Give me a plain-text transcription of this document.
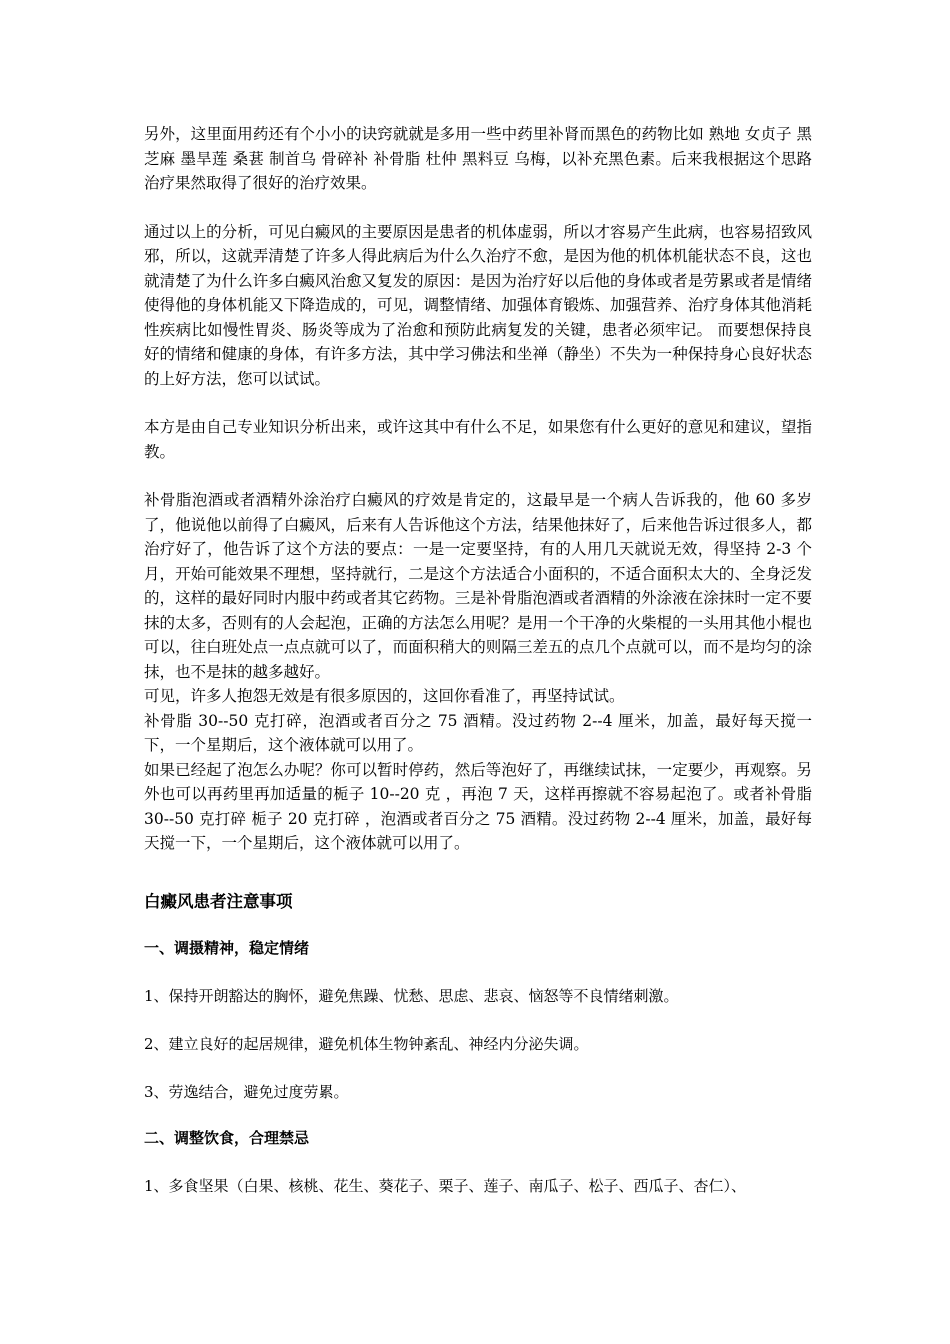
另外，这里面用药还有个小小的诀窍就就是多用一些中药里补肾而黑色的药物比如 熟地 女贞子 黑芝麻 墨旱莲 桑葚 制首乌 骨碎补 补骨脂 杜仲 黑料豆 乌梅，以补充黑色素。后来我根据这个思路治疗果然取得了很好的治疗效果。

通过以上的分析，可见白癜风的主要原因是患者的机体虚弱，所以才容易产生此病，也容易招致风邪，所以，这就弄清楚了许多人得此病后为什么久治疗不愈，是因为他的机体机能状态不良，这也就清楚了为什么许多白癜风治愈又复发的原因：是因为治疗好以后他的身体或者是劳累或者是情绪使得他的身体机能又下降造成的，可见，调整情绪、加强体育锻炼、加强营养、治疗身体其他消耗性疾病比如慢性胃炎、肠炎等成为了治愈和预防此病复发的关键，患者必须牢记。 而要想保持良好的情绪和健康的身体，有许多方法，其中学习佛法和坐禅（静坐）不失为一种保持身心良好状态的上好方法，您可以试试。

本方是由自己专业知识分析出来，或许这其中有什么不足，如果您有什么更好的意见和建议，望指教。

补骨脂泡酒或者酒精外涂治疗白癜风的疗效是肯定的，这最早是一个病人告诉我的，他 60 多岁了，他说他以前得了白癜风，后来有人告诉他这个方法，结果他抹好了，后来他告诉过很多人，都治疗好了，他告诉了这个方法的要点：一是一定要坚持，有的人用几天就说无效，得坚持 2-3 个月，开始可能效果不理想，坚持就行，二是这个方法适合小面积的，不适合面积太大的、全身泛发的，这样的最好同时内服中药或者其它药物。三是补骨脂泡酒或者酒精的外涂液在涂抹时一定不要抹的太多，否则有的人会起泡，正确的方法怎么用呢？是用一个干净的火柴棍的一头用其他小棍也可以，往白班处点一点点就可以了，而面积稍大的则隔三差五的点几个点就可以，而不是均匀的涂抹，也不是抹的越多越好。

可见，许多人抱怨无效是有很多原因的，这回你看准了，再坚持试试。

补骨脂 30--50 克打碎，泡酒或者百分之 75 酒精。没过药物 2--4 厘米，加盖，最好每天搅一下，一个星期后，这个液体就可以用了。

如果已经起了泡怎么办呢？你可以暂时停药，然后等泡好了，再继续试抹，一定要少，再观察。另外也可以再药里再加适量的栀子 10--20 克 ，再泡 7 天，这样再擦就不容易起泡了。或者补骨脂 30--50 克打碎 栀子 20 克打碎 ，泡酒或者百分之 75 酒精。没过药物 2--4 厘米，加盖，最好每天搅一下，一个星期后，这个液体就可以用了。

白癜风患者注意事项
一、调摄精神，稳定情绪

1、保持开朗豁达的胸怀，避免焦躁、忧愁、思虑、悲哀、恼怒等不良情绪刺激。

2、建立良好的起居规律，避免机体生物钟紊乱、神经内分泌失调。

3、劳逸结合，避免过度劳累。

二、调整饮食，合理禁忌

1、多食坚果（白果、核桃、花生、葵花子、栗子、莲子、南瓜子、松子、西瓜子、杏仁）、
